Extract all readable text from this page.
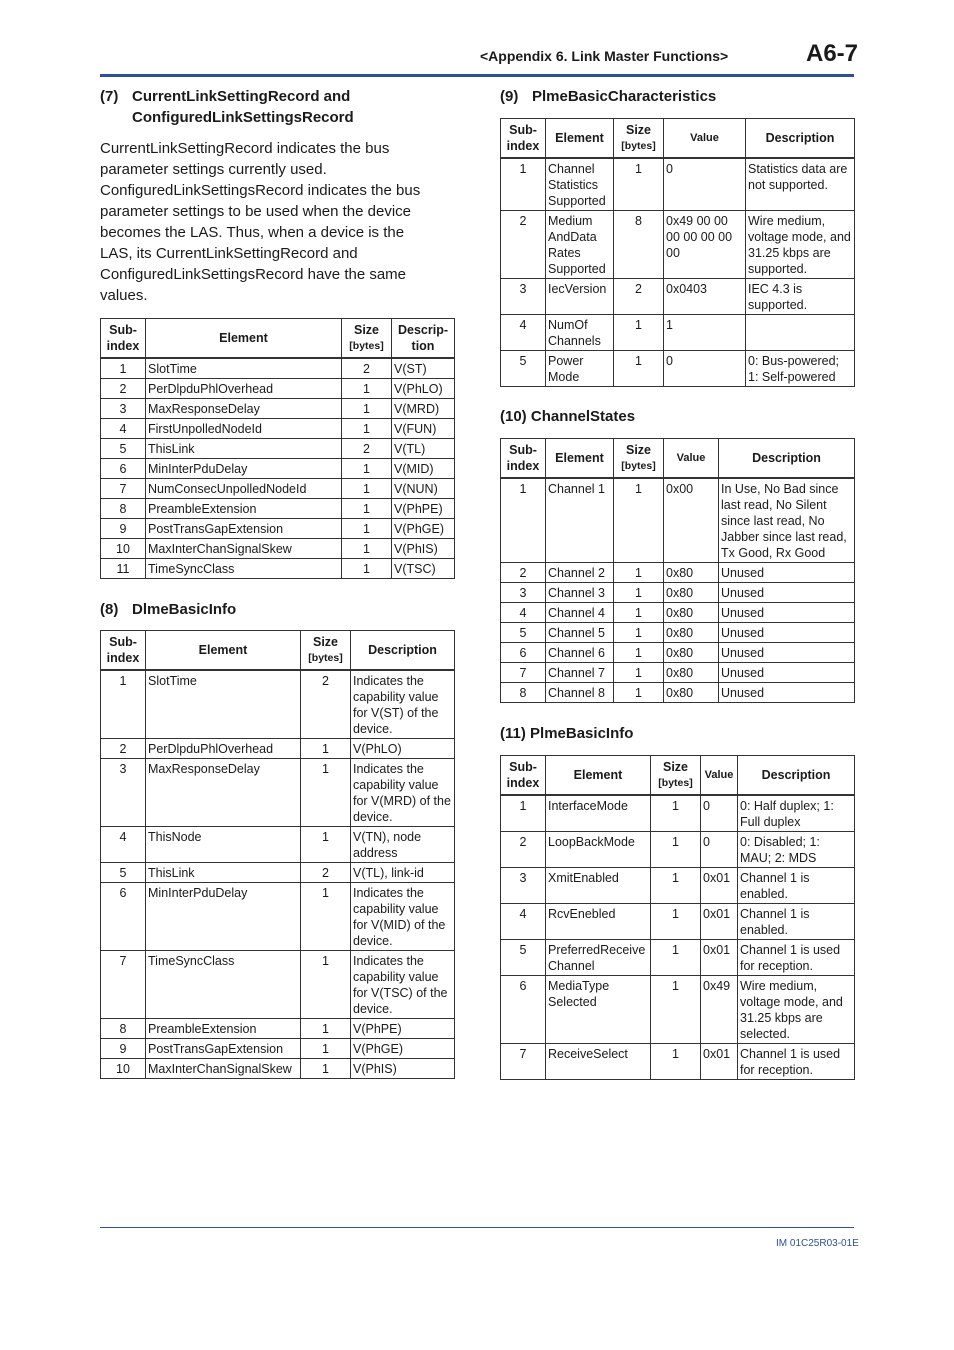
<Appendix 6. Link Master Functions>	A6-7
(7) CurrentLinkSettingRecord and ConfiguredLinkSettingsRecord

CurrentLinkSettingRecord indicates the bus parameter settings currently used. ConfiguredLinkSettingsRecord indicates the bus parameter settings to be used when the device becomes the LAS. Thus, when a device is the LAS, its CurrentLinkSettingRecord and ConfiguredLinkSettingsRecord have the same values.

Sub-
index	Element	Size
[bytes]	Descrip-
tion
1	SlotTime	2	V(ST)
2	PerDlpduPhlOverhead	1	V(PhLO)
3	MaxResponseDelay	1	V(MRD)
4	FirstUnpolledNodeId	1	V(FUN)
5	ThisLink	2	V(TL)
6	MinInterPduDelay	1	V(MID)
7	NumConsecUnpolledNodeId	1	V(NUN)
8	PreambleExtension	1	V(PhPE)
9	PostTransGapExtension	1	V(PhGE)
10	MaxInterChanSignalSkew	1	V(PhIS)
11	TimeSyncClass	1	V(TSC)
(8) DlmeBasicInfo
Sub-
index	Element	Size
[bytes]	Description
1	SlotTime	2	Indicates the capability value for V(ST) of the device.
2	PerDlpduPhlOverhead	1	V(PhLO)
3	MaxResponseDelay	1	Indicates the capability value for V(MRD) of the device.
4	ThisNode	1	V(TN), node address
5	ThisLink	2	V(TL), link-id
6	MinInterPduDelay	1	Indicates the capability value for V(MID) of the device.
7	TimeSyncClass	1	Indicates the capability value for V(TSC) of the device.
8	PreambleExtension	1	V(PhPE)
9	PostTransGapExtension	1	V(PhGE)
10	MaxInterChanSignalSkew	1	V(PhIS)
(9) PlmeBasicCharacteristics
Sub-
index	Element	Size
[bytes]	Value	Description
1	Channel Statistics Supported	1	0	Statistics data are not supported.
2	Medium AndData Rates Supported	8	0x49 00 00 00 00 00 00 00	Wire medium, voltage mode, and 31.25 kbps are supported.
3	IecVersion	2	0x0403	IEC 4.3 is supported.
4	NumOf Channels	1	1	
5	Power Mode	1	0	0: Bus-powered; 1: Self-powered
(10) ChannelStates
Sub-
index	Element	Size
[bytes]	Value	Description
1	Channel 1	1	0x00	In Use, No Bad since last read, No Silent since last read, No Jabber since last read, Tx Good, Rx Good
2	Channel 2	1	0x80	Unused
3	Channel 3	1	0x80	Unused
4	Channel 4	1	0x80	Unused
5	Channel 5	1	0x80	Unused
6	Channel 6	1	0x80	Unused
7	Channel 7	1	0x80	Unused
8	Channel 8	1	0x80	Unused
(11) PlmeBasicInfo
Sub-
index	Element	Size
[bytes]	Value	Description
1	InterfaceMode	1	0	0: Half duplex; 1: Full duplex
2	LoopBackMode	1	0	0: Disabled; 1: MAU; 2: MDS
3	XmitEnabled	1	0x01	Channel 1 is enabled.
4	RcvEnebled	1	0x01	Channel 1 is enabled.
5	PreferredReceive Channel	1	0x01	Channel 1 is used for reception.
6	MediaType Selected	1	0x49	Wire medium, voltage mode, and 31.25 kbps are selected.
7	ReceiveSelect	1	0x01	Channel 1 is used for reception.
IM 01C25R03-01E
